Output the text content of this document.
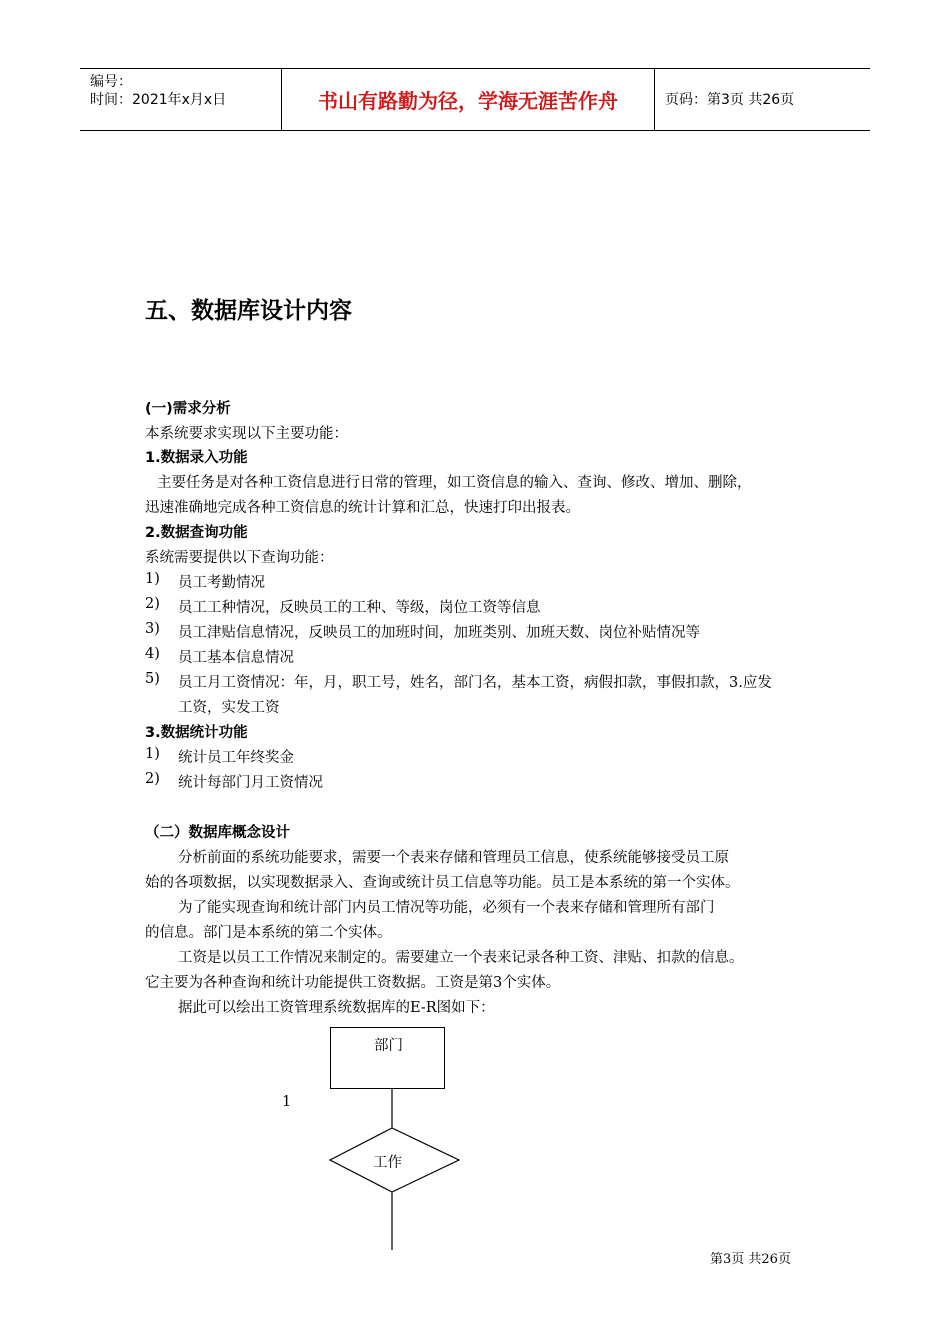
编号：
时间：2021年x月x日	书山有路勤为径，学海无涯苦作舟	页码：第3页 共26页
五、数据库设计内容
(一)需求分析
本系统要求实现以下主要功能：
1.数据录入功能
主要任务是对各种工资信息进行日常的管理，如工资信息的输入、查询、修改、增加、删除，
迅速准确地完成各种工资信息的统计计算和汇总，快速打印出报表。
2.数据查询功能
系统需要提供以下查询功能：
1) 员工考勤情况
2) 员工工种情况，反映员工的工种、等级，岗位工资等信息
3) 员工津贴信息情况，反映员工的加班时间，加班类别、加班天数、岗位补贴情况等
4) 员工基本信息情况
5) 员工月工资情况：年，月，职工号，姓名，部门名，基本工资，病假扣款，事假扣款，3.应发
工资，实发工资
3.数据统计功能
1) 统计员工年终奖金
2) 统计每部门月工资情况
（二）数据库概念设计
分析前面的系统功能要求，需要一个表来存储和管理员工信息，使系统能够接受员工原
始的各项数据，以实现数据录入、查询或统计员工信息等功能。员工是本系统的第一个实体。
为了能实现查询和统计部门内员工情况等功能，必须有一个表来存储和管理所有部门
的信息。部门是本系统的第二个实体。
工资是以员工工作情况来制定的。需要建立一个表来记录各种工资、津贴、扣款的信息。
它主要为各种查询和统计功能提供工资数据。工资是第3个实体。
据此可以绘出工资管理系统数据库的E-R图如下：
部门
1
工作
第3页 共26页
